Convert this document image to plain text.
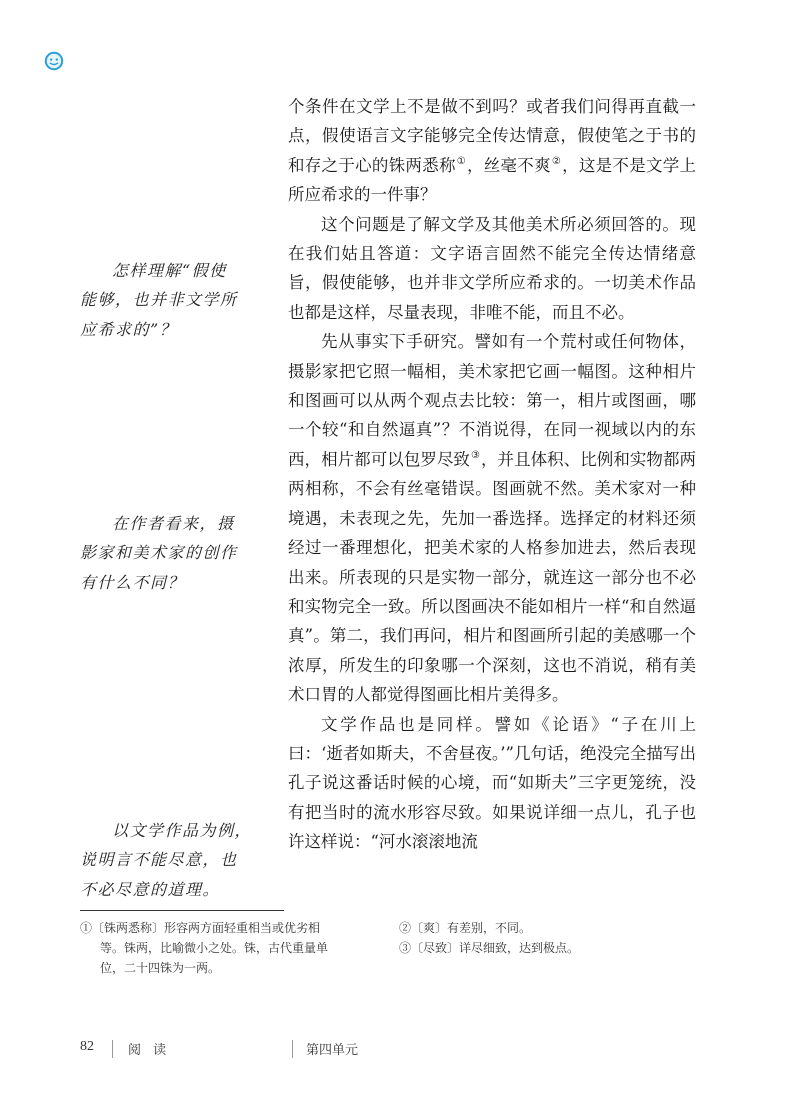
个条件在文学上不是做不到吗？或者我们问得再直截一点，假使语言文字能够完全传达情意，假使笔之于书的和存之于心的铢两悉称①，丝毫不爽②，这是不是文学上所应希求的一件事？

这个问题是了解文学及其他美术所必须回答的。现在我们姑且答道：文字语言固然不能完全传达情绪意旨，假使能够，也并非文学所应希求的。一切美术作品也都是这样，尽量表现，非唯不能，而且不必。

先从事实下手研究。譬如有一个荒村或任何物体，摄影家把它照一幅相，美术家把它画一幅图。这种相片和图画可以从两个观点去比较：第一，相片或图画，哪一个较“和自然逼真”？不消说得，在同一视域以内的东西，相片都可以包罗尽致③，并且体积、比例和实物都两两相称，不会有丝毫错误。图画就不然。美术家对一种境遇，未表现之先，先加一番选择。选择定的材料还须经过一番理想化，把美术家的人格参加进去，然后表现出来。所表现的只是实物一部分，就连这一部分也不必和实物完全一致。所以图画决不能如相片一样“和自然逼真”。第二，我们再问，相片和图画所引起的美感哪一个浓厚，所发生的印象哪一个深刻，这也不消说，稍有美术口胃的人都觉得图画比相片美得多。

文学作品也是同样。譬如《论语》“子在川上曰：‘逝者如斯夫，不舍昼夜。’”几句话，绝没完全描写出孔子说这番话时候的心境，而“如斯夫”三字更笼统，没有把当时的流水形容尽致。如果说详细一点儿，孔子也许这样说：“河水滚滚地流

怎样理解“假使
能够，也并非文学所
应希求的”？
在作者看来，摄
影家和美术家的创作
有什么不同？
以文学作品为例，
说明言不能尽意，也
不必尽意的道理。
①〔铢两悉称〕形容两方面轻重相当或优劣相
等。铢两，比喻微小之处。铢，古代重量单
位，二十四铢为一两。
②〔爽〕有差别，不同。
③〔尽致〕详尽细致，达到极点。
82	阅 读	第四单元
